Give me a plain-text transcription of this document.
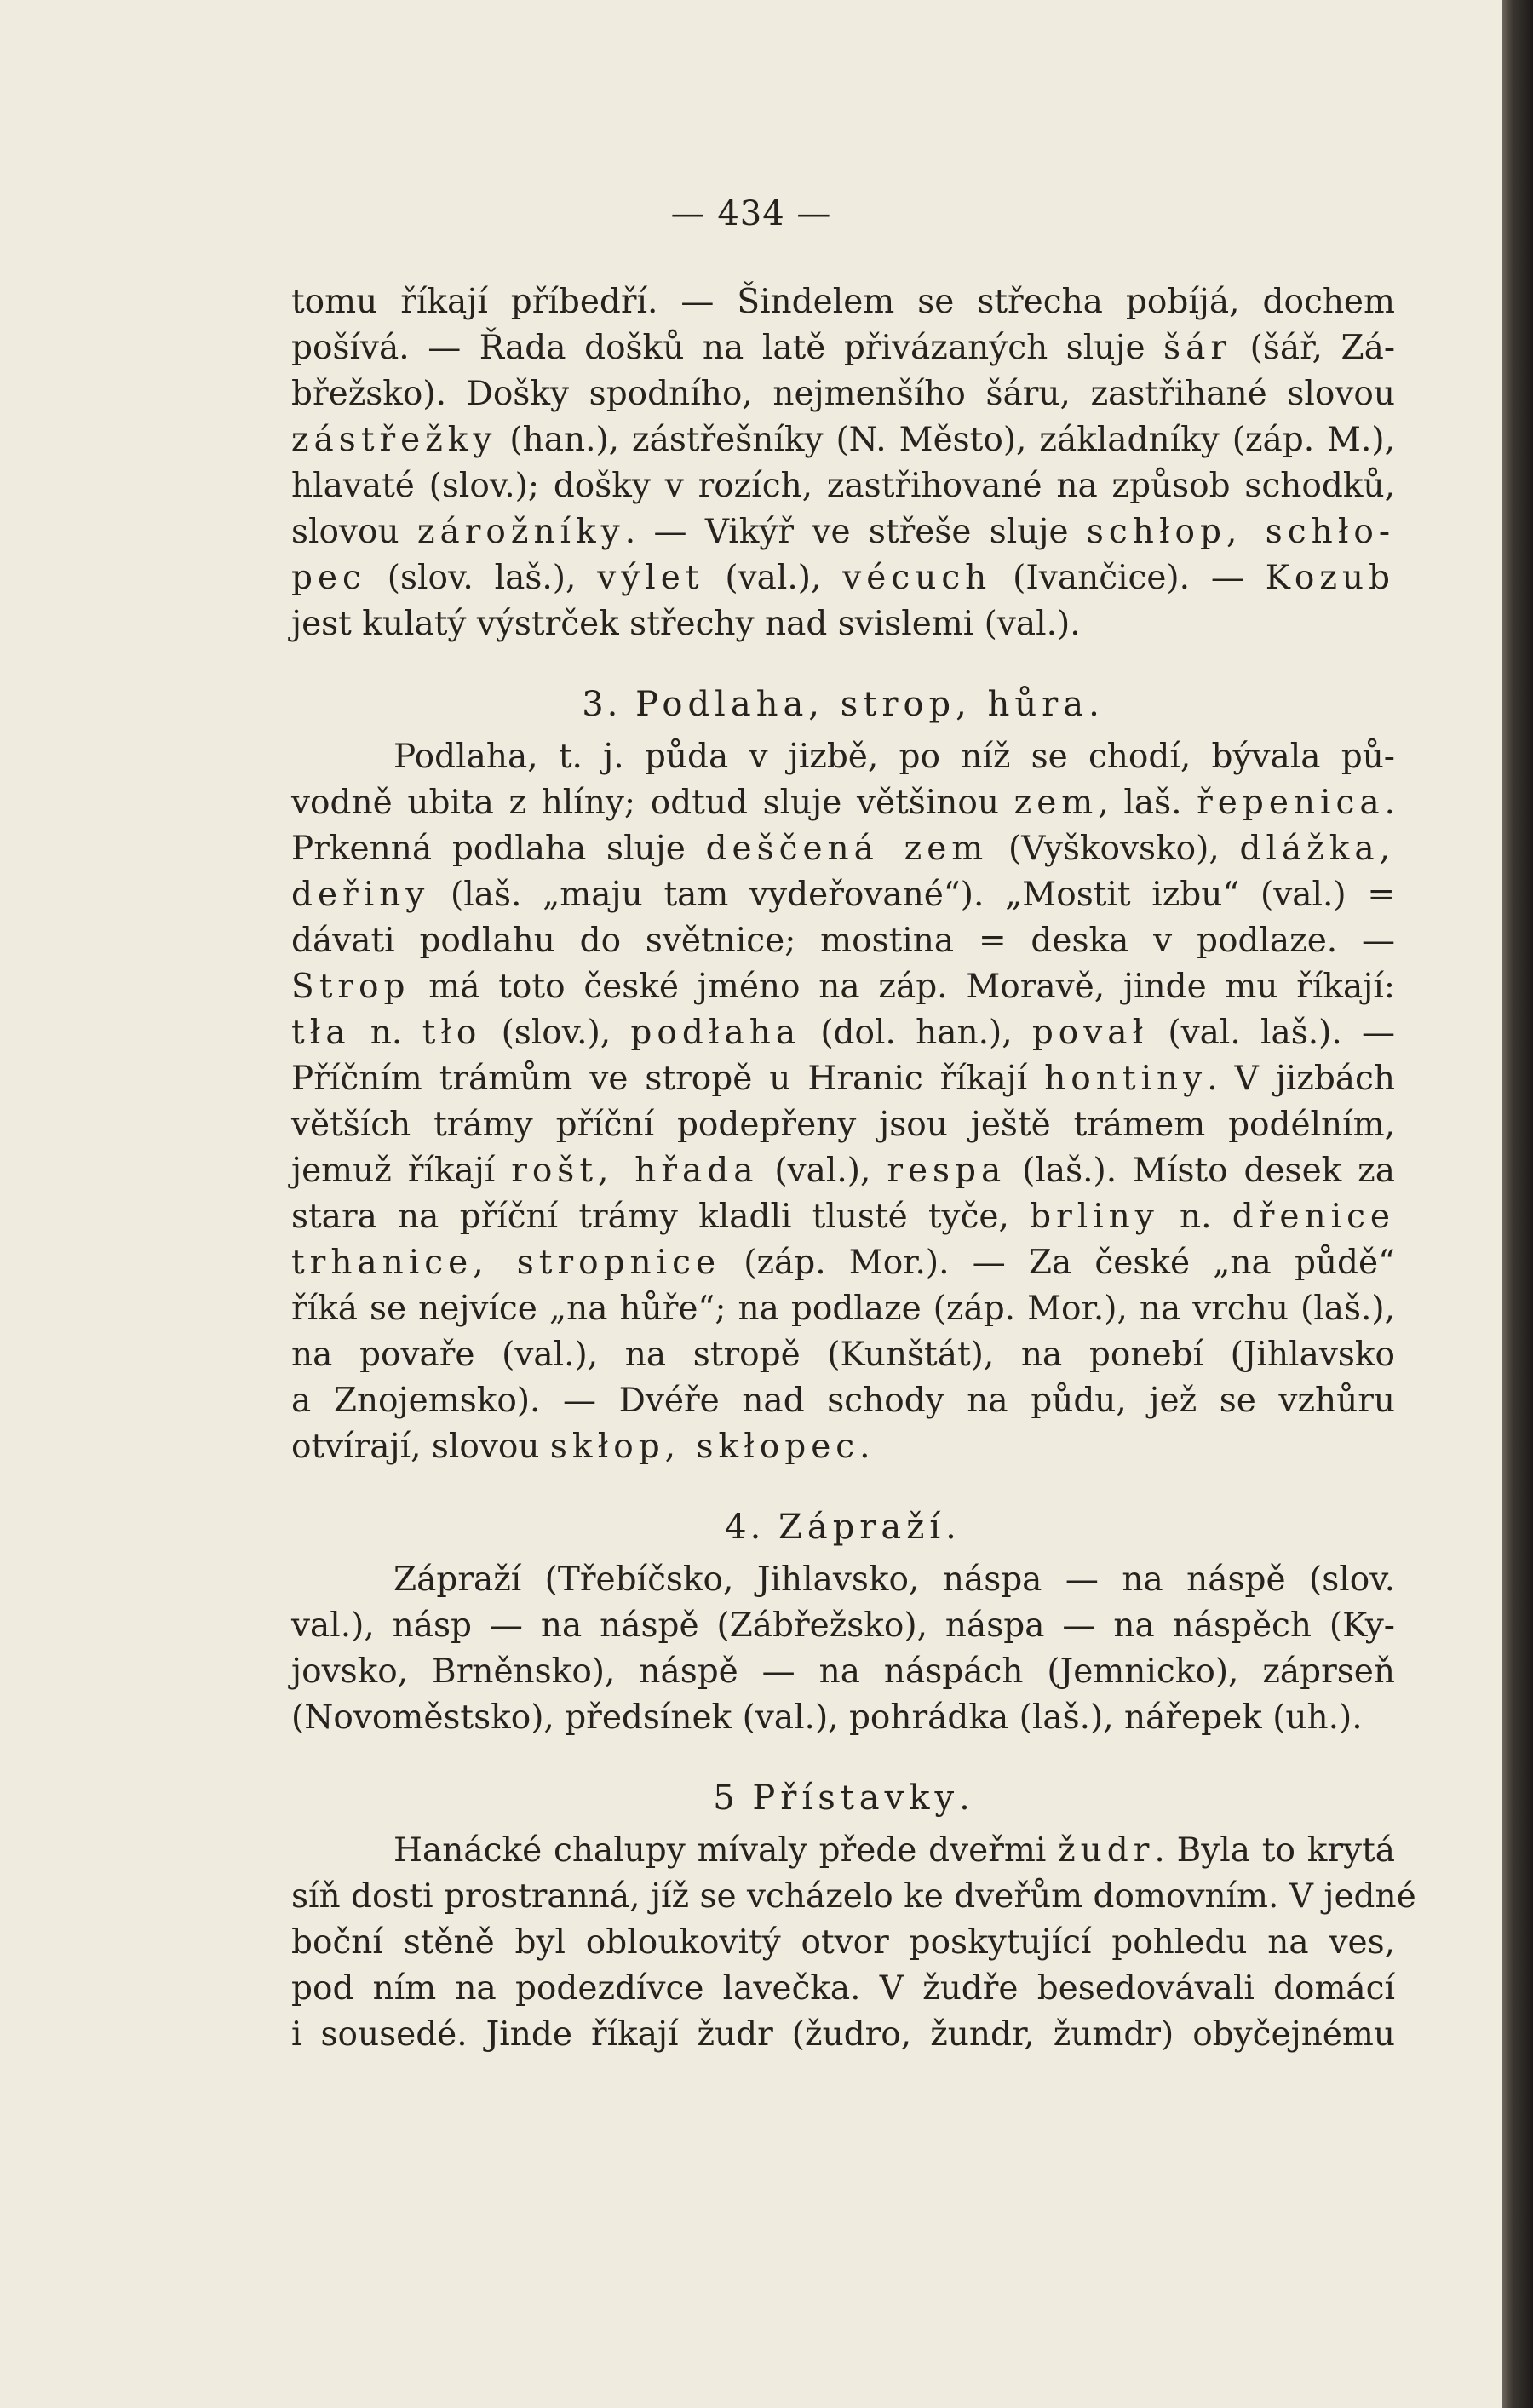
— 434 —
tomu říkají příbedří. — Šindelem se střecha pobíjá, dochem
pošívá. — Řada došků na latě přivázaných sluje šár (šář, Zá-
břežsko). Došky spodního, nejmenšího šáru, zastřihané slovou
zástřežky (han.), zástřešníky (N. Město), základníky (záp. M.),
hlavaté (slov.); došky v rozích, zastřihované na způsob schodků,
slovou zárožníky. — Vikýř ve střeše sluje schłop, schło-
pec (slov. laš.), výlet (val.), vécuch (Ivančice). — Kozub
jest kulatý výstrček střechy nad svislemi (val.).
3. Podlaha, strop, hůra.
Podlaha, t. j. půda v jizbě, po níž se chodí, bývala pů-
vodně ubita z hlíny; odtud sluje většinou zem, laš. řepenica.
Prkenná podlaha sluje deščená zem (Vyškovsko), dlážka,
deřiny (laš. „maju tam vydeřované“). „Mostit izbu“ (val.) =
dávati podlahu do světnice; mostina = deska v podlaze. —
Strop má toto české jméno na záp. Moravě, jinde mu říkají:
tła n. tło (slov.), podłaha (dol. han.), povał (val. laš.). —
Příčním trámům ve stropě u Hranic říkají hontiny. V jizbách
větších trámy příční podepřeny jsou ještě trámem podélním,
jemuž říkají rošt, hřada (val.), respa (laš.). Místo desek za
stara na příční trámy kladli tlusté tyče, brliny n. dřenice
trhanice, stropnice (záp. Mor.). — Za české „na půdě“
říká se nejvíce „na hůře“; na podlaze (záp. Mor.), na vrchu (laš.),
na povaře (val.), na stropě (Kunštát), na ponebí (Jihlavsko
a Znojemsko). — Dvéře nad schody na půdu, jež se vzhůru
otvírají, slovou skłop, skłopec.
4. Zápraží.
Zápraží (Třebíčsko, Jihlavsko, náspa — na náspě (slov.
val.), násp — na náspě (Zábřežsko), náspa — na náspěch (Ky-
jovsko, Brněnsko), náspě — na náspách (Jemnicko), záprseň
(Novoměstsko), předsínek (val.), pohrádka (laš.), nářepek (uh.).
5 Přístavky.
Hanácké chalupy mívaly přede dveřmi žudr. Byla to krytá
síň dosti prostranná, jíž se vcházelo ke dveřům domovním. V jedné
boční stěně byl obloukovitý otvor poskytující pohledu na ves,
pod ním na podezdívce lavečka. V žudře besedovávali domácí
i sousedé. Jinde říkají žudr (žudro, žundr, žumdr) obyčejnému
